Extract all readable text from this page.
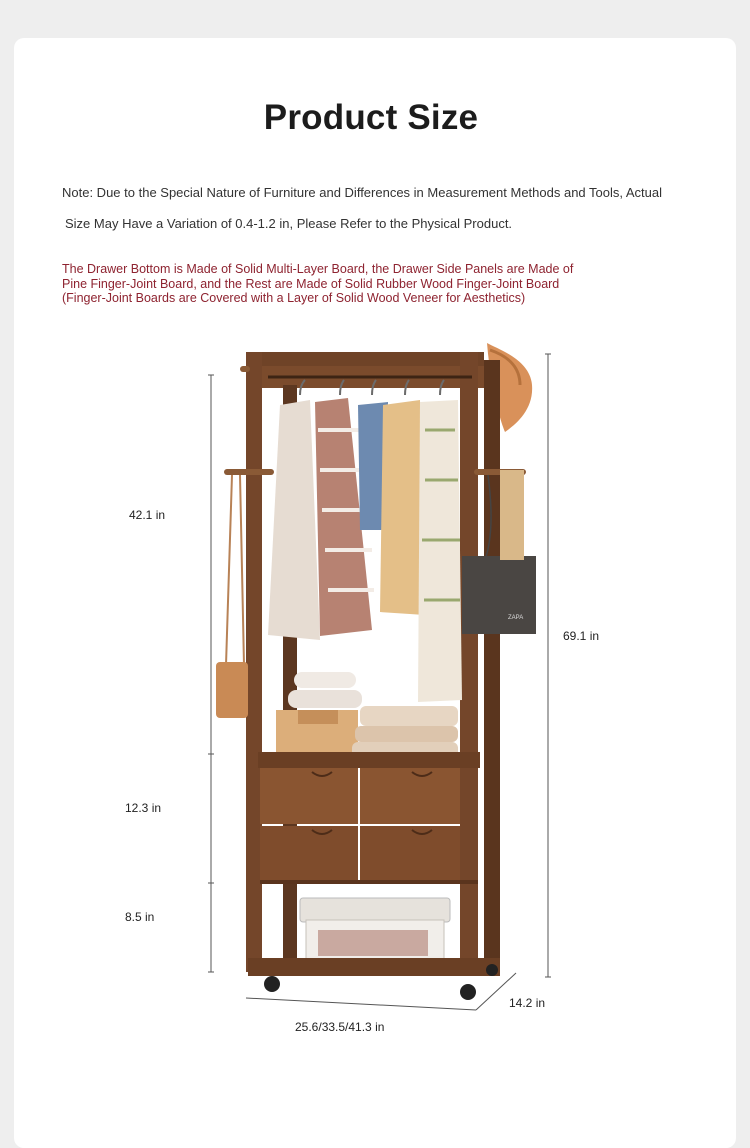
Product Size
Note: Due to the Special Nature of Furniture and Differences in Measurement Methods and Tools, Actual
Size May Have a Variation of 0.4-1.2 in, Please Refer to the Physical Product.
The Drawer Bottom is Made of Solid Multi-Layer Board, the Drawer Side Panels are Made of
Pine Finger-Joint Board, and the Rest are Made of Solid Rubber Wood Finger-Joint Board
(Finger-Joint Boards are Covered with a Layer of Solid Wood Veneer for Aesthetics)
ZAPA
42.1 in
12.3 in
8.5 in
69.1 in
14.2 in
25.6/33.5/41.3 in
